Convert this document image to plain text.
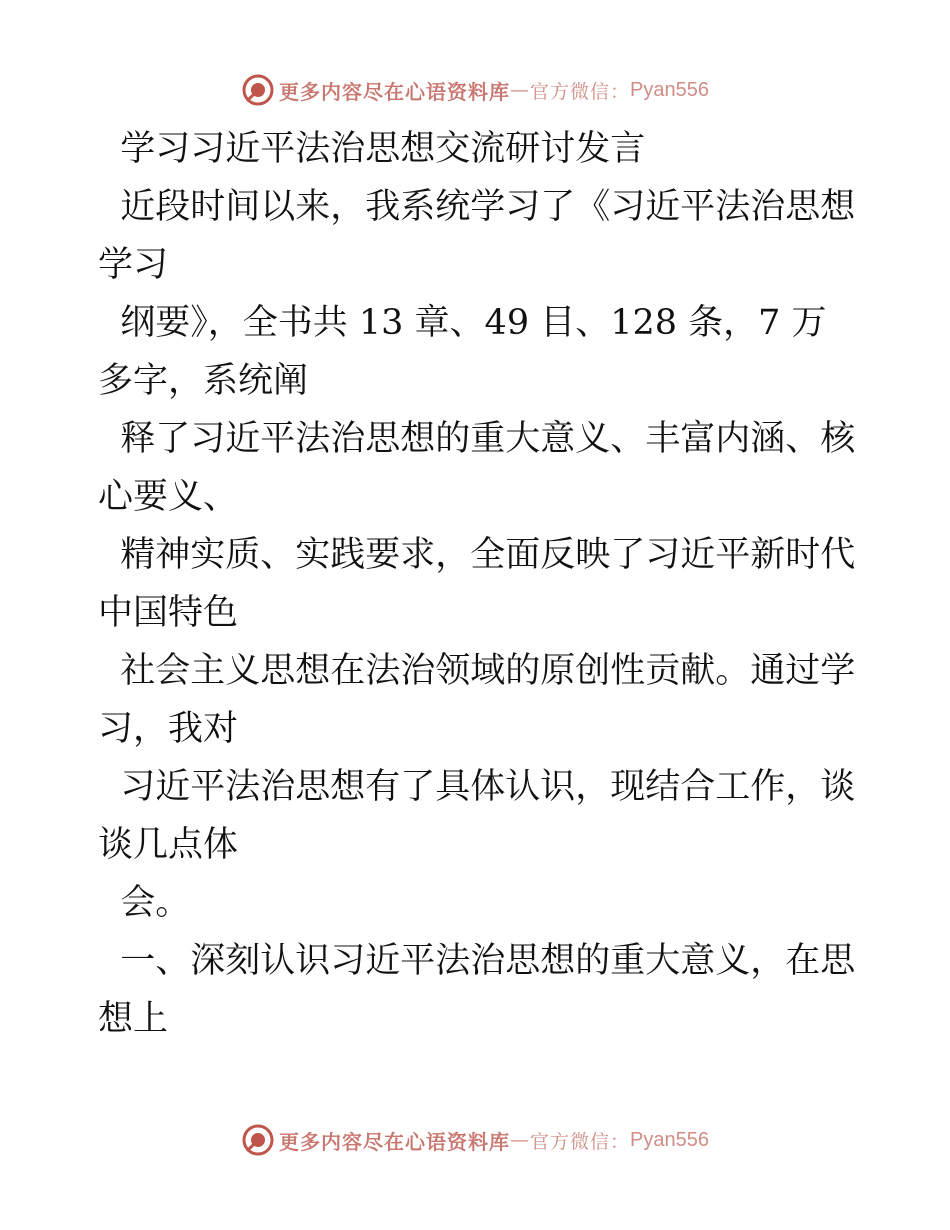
更多内容尽在心语资料库 — 官方微信： Pyan556
学习习近平法治思想交流研讨发言
近段时间以来，我系统学习了《习近平法治思想
学习
纲要》，全书共 13 章、49 目、128 条，7 万
多字，系统阐
释了习近平法治思想的重大意义、丰富内涵、核
心要义、
精神实质、实践要求，全面反映了习近平新时代
中国特色
社会主义思想在法治领域的原创性贡献。通过学
习，我对
习近平法治思想有了具体认识，现结合工作，谈
谈几点体
会。
一、深刻认识习近平法治思想的重大意义，在思
想上
更多内容尽在心语资料库 — 官方微信： Pyan556
